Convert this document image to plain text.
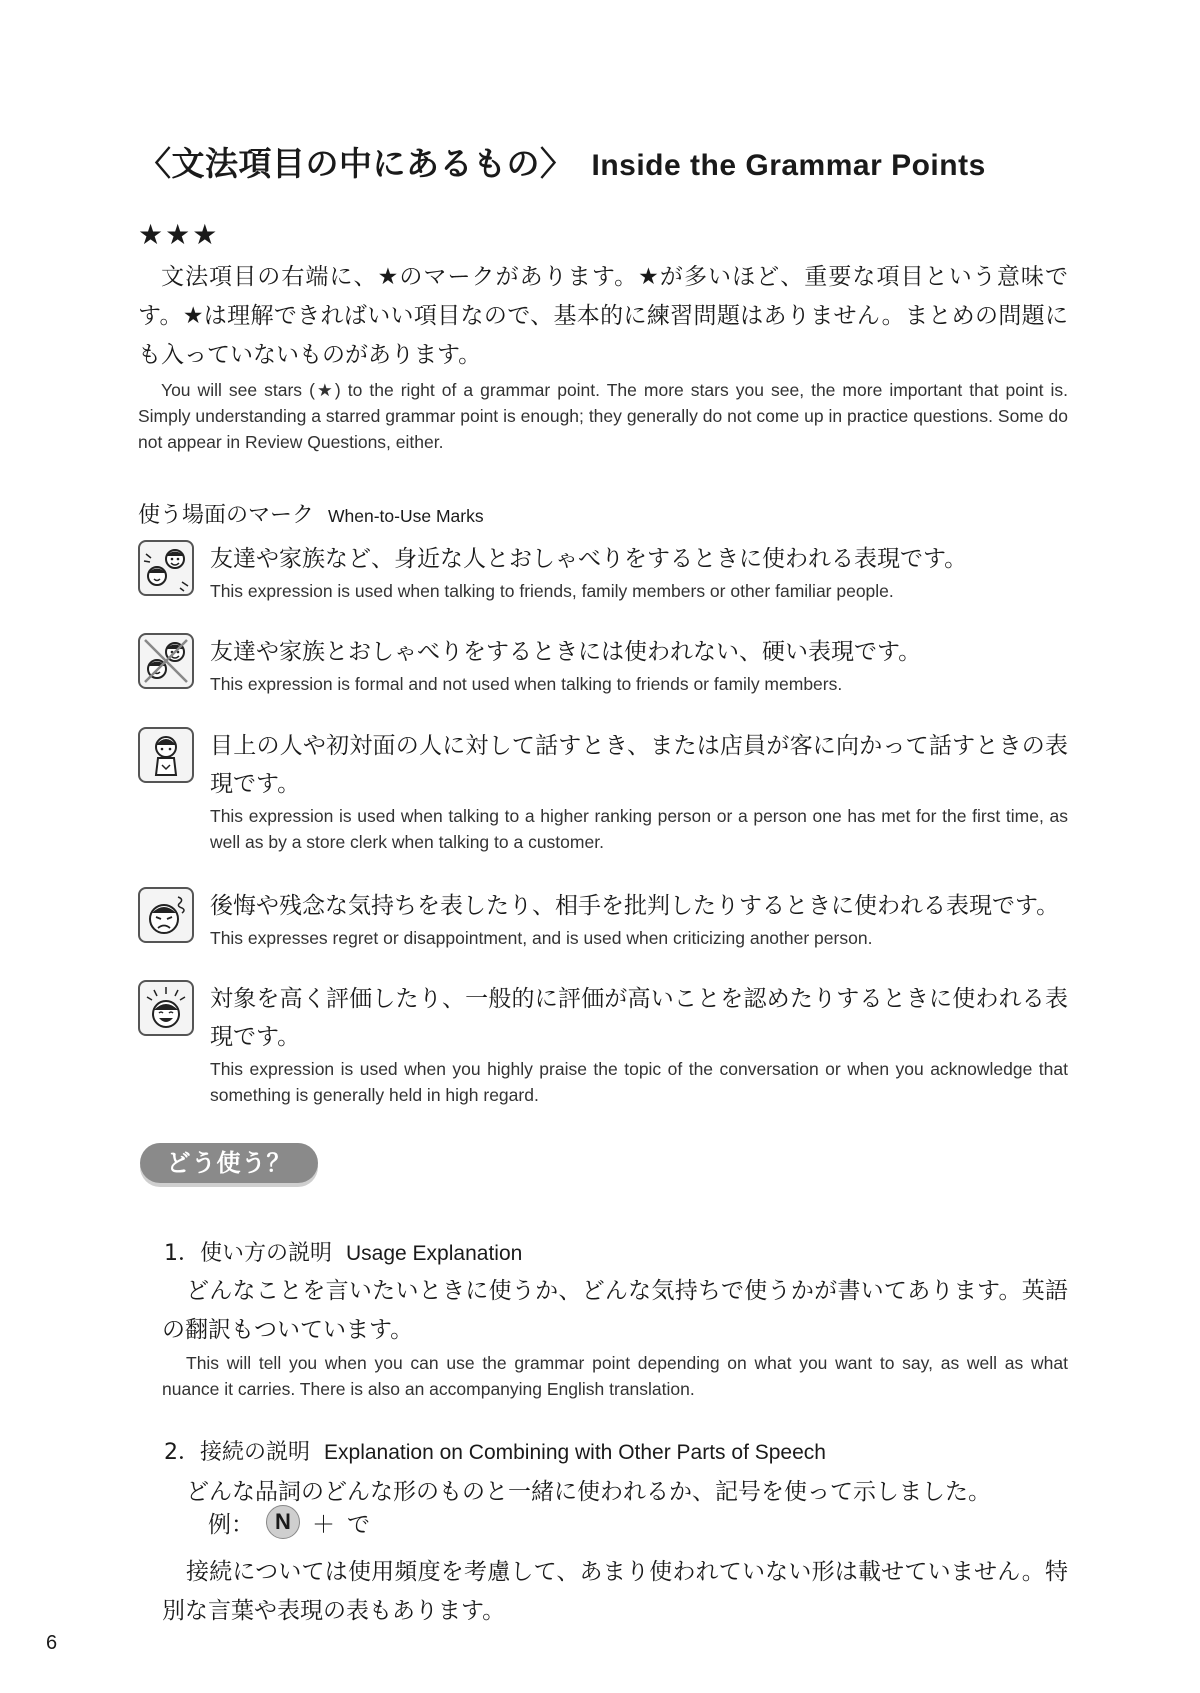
〈文法項目の中にあるもの〉 Inside the Grammar Points
★★★
文法項目の右端に、★のマークがあります。★が多いほど、重要な項目という意味です。★は理解できればいい項目なので、基本的に練習問題はありません。まとめの問題にも入っていないものがあります。
You will see stars (★) to the right of a grammar point. The more stars you see, the more important that point is. Simply understanding a starred grammar point is enough; they generally do not come up in practice questions. Some do not appear in Review Questions, either.
使う場面のマーク When-to-Use Marks
友達や家族など、身近な人とおしゃべりをするときに使われる表現です。
This expression is used when talking to friends, family members or other familiar people.
友達や家族とおしゃべりをするときには使われない、硬い表現です。
This expression is formal and not used when talking to friends or family members.
目上の人や初対面の人に対して話すとき、または店員が客に向かって話すときの表現です。
This expression is used when talking to a higher ranking person or a person one has met for the first time, as well as by a store clerk when talking to a customer.
後悔や残念な気持ちを表したり、相手を批判したりするときに使われる表現です。
This expresses regret or disappointment, and is used when criticizing another person.
対象を高く評価したり、一般的に評価が高いことを認めたりするときに使われる表現です。
This expression is used when you highly praise the topic of the conversation or when you acknowledge that something is generally held in high regard.
どう使う？
1．使い方の説明 Usage Explanation
どんなことを言いたいときに使うか、どんな気持ちで使うかが書いてあります。英語の翻訳もついています。
This will tell you when you can use the grammar point depending on what you want to say, as well as what nuance it carries. There is also an accompanying English translation.
2．接続の説明 Explanation on Combining with Other Parts of Speech
どんな品詞のどんな形のものと一緒に使われるか、記号を使って示しました。
例： N ＋ で
接続については使用頻度を考慮して、あまり使われていない形は載せていません。特別な言葉や表現の表もあります。
6
